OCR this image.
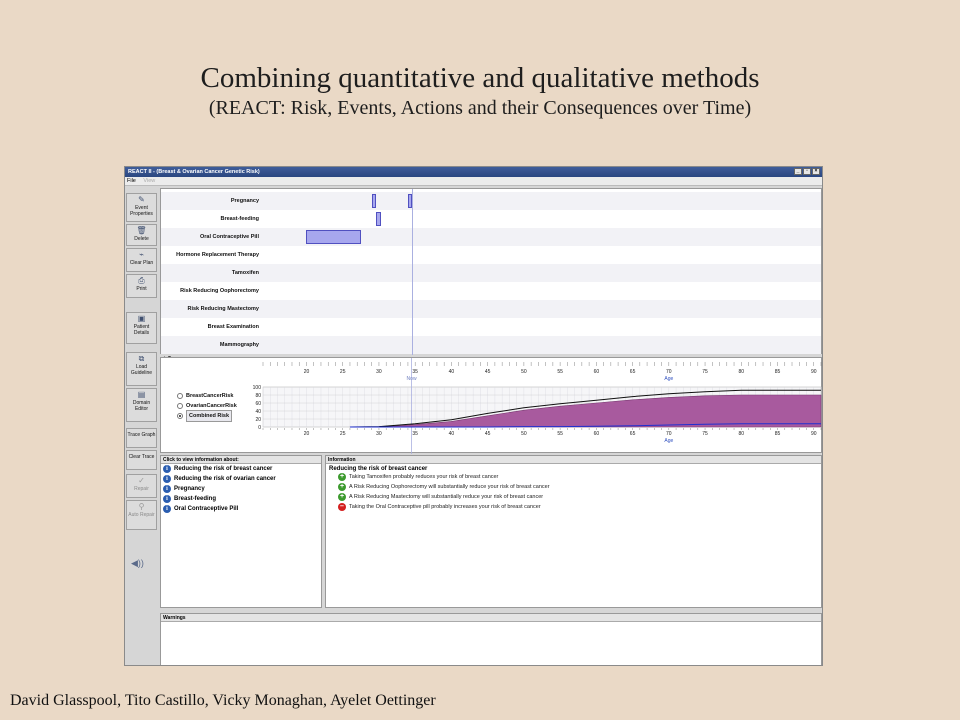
Combining quantitative and qualitative methods
(REACT: Risk, Events, Actions and their Consequences over Time)
REACT II - (Breast & Ovarian Cancer Genetic Risk)	_	▫	×
File View
✎
Event Properties
🗑
Delete
⌁
Clear Plan
⎙
Print
▣
Patient Details
⧉
Load Guideline
▤
Domain Editor
Trace Graph
Clear Trace
✓
Repair
⚲
Auto Repair
◀))
Mammography
Breast Examination
Risk Reducing Mastectomy
Risk Reducing Oophorectomy
Tamoxifen
Hormone Replacement Therapy
Oral Contraceptive Pill
Breast-feeding
Pregnancy
0
20
40
60
80
100
20
20
25
25
30
30
35
35
40
40
45
45
50
50
55
55
60
60
65
65
70
70
75
75
80
80
85
85
90
90
Now	Age
Age
BreastCancerRisk
OvarianCancerRisk
Combined Risk
Click to view information about:
i	Reducing the risk of breast cancer
i	Reducing the risk of ovarian cancer
i	Pregnancy
i	Breast-feeding
i	Oral Contraceptive Pill
Information
Reducing the risk of breast cancer
+ Taking Tamoxifen probably reduces your risk of breast cancer
+ A Risk Reducing Oophorectomy will substantially reduce your risk of breast cancer
+ A Risk Reducing Mastectomy will substantially reduce your risk of breast cancer
– Taking the Oral Contraceptive pill probably increases your risk of breast cancer
Warnings
David Glasspool, Tito Castillo, Vicky Monaghan, Ayelet Oettinger
